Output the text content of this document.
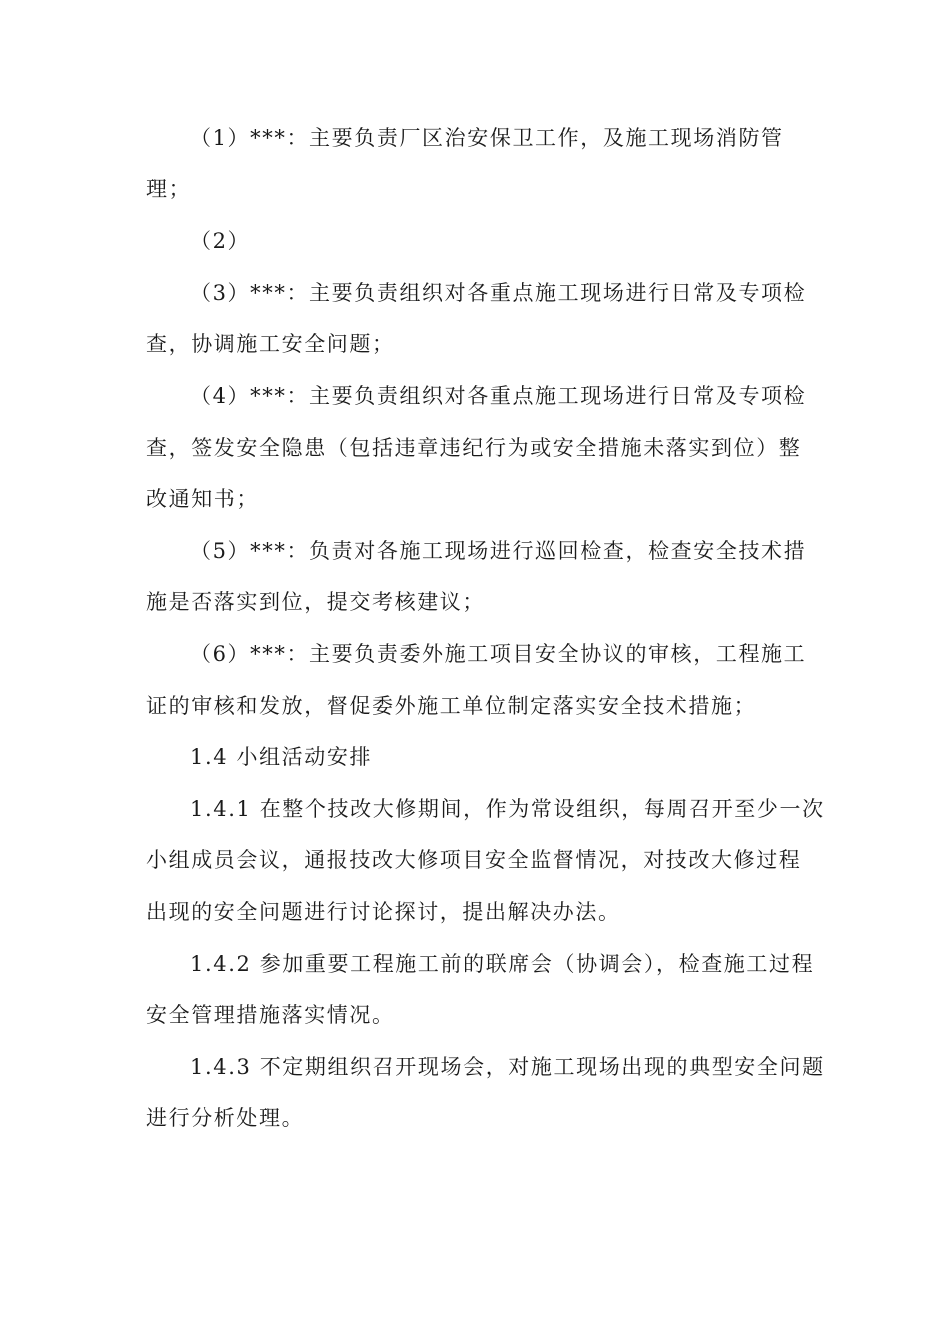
（1）***：主要负责厂区治安保卫工作，及施工现场消防管
理；
（2）
（3）***：主要负责组织对各重点施工现场进行日常及专项检
查，协调施工安全问题；
（4）***：主要负责组织对各重点施工现场进行日常及专项检
查，签发安全隐患（包括违章违纪行为或安全措施未落实到位）整
改通知书；
（5）***：负责对各施工现场进行巡回检查，检查安全技术措
施是否落实到位，提交考核建议；
（6）***：主要负责委外施工项目安全协议的审核，工程施工
证的审核和发放，督促委外施工单位制定落实安全技术措施；
1.4 小组活动安排
1.4.1 在整个技改大修期间，作为常设组织，每周召开至少一次
小组成员会议，通报技改大修项目安全监督情况，对技改大修过程
出现的安全问题进行讨论探讨，提出解决办法。
1.4.2 参加重要工程施工前的联席会（协调会），检查施工过程
安全管理措施落实情况。
1.4.3 不定期组织召开现场会，对施工现场出现的典型安全问题
进行分析处理。
